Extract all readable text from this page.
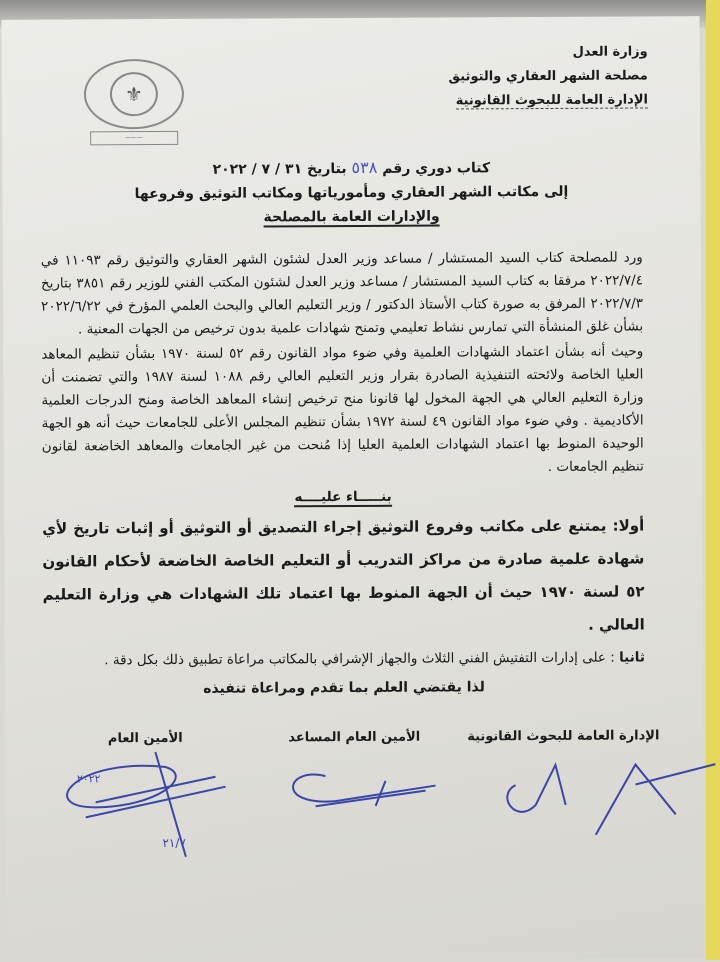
وزارة العدل
مصلحة الشهر العقاري والتوثيق
الإدارة العامة للبحوث القانونية
⚜
———
كتاب دوري رقم ٥٣٨ بتاريخ ٣١ / ٧ / ٢٠٢٢
إلى مكاتب الشهر العقاري ومأمورياتها ومكاتب التوثيق وفروعها
والإدارات العامة بالمصلحة

ورد للمصلحة كتاب السيد المستشار / مساعد وزير العدل لشئون الشهر العقاري والتوثيق رقم ١١٠٩٣ في ٢٠٢٢/٧/٤ مرفقا به كتاب السيد المستشار / مساعد وزير العدل لشئون المكتب الفني للوزير رقم ٣٨٥١ بتاريخ ٢٠٢٢/٧/٣ المرفق به صورة كتاب الأستاذ الدكتور / وزير التعليم العالي والبحث العلمي المؤرخ في ٢٠٢٢/٦/٢٢ بشأن غلق المنشأة التي تمارس نشاط تعليمي وتمنح شهادات علمية بدون ترخيص من الجهات المعنية .

وحيث أنه بشأن اعتماد الشهادات العلمية وفي ضوء مواد القانون رقم ٥٢ لسنة ١٩٧٠ بشأن تنظيم المعاهد العليا الخاصة ولائحته التنفيذية الصادرة بقرار وزير التعليم العالي رقم ١٠٨٨ لسنة ١٩٨٧ والتي تضمنت أن وزارة التعليم العالي هي الجهة المخول لها قانونا منح ترخيص إنشاء المعاهد الخاصة ومنح الدرجات العلمية الأكاديمية . وفي ضوء مواد القانون ٤٩ لسنة ١٩٧٢ بشأن تنظيم المجلس الأعلى للجامعات حيث أنه هو الجهة الوحيدة المنوط بها اعتماد الشهادات العلمية العليا إذا مُنحت من غير الجامعات والمعاهد الخاضعة لقانون تنظيم الجامعات .

بنـــــاء عليــــه
أولا: يمتنع على مكاتب وفروع التوثيق إجراء التصديق أو التوثيق أو إثبات تاريخ لأي شهادة علمية صادرة من مراكز التدريب أو التعليم الخاصة الخاضعة لأحكام القانون ٥٢ لسنة ١٩٧٠ حيث أن الجهة المنوط بها اعتماد تلك الشهادات هي وزارة التعليم العالي .
ثانيا : على إدارات التفتيش الفني الثلاث والجهاز الإشرافي بالمكاتب مراعاة تطبيق ذلك بكل دقة .
لذا يقتضي العلم بما تقدم ومراعاة تنفيذه
الإدارة العامة للبحوث القانونية
الأمين العام المساعد
الأمين العام
٢٠٢٢
٢١/٧
